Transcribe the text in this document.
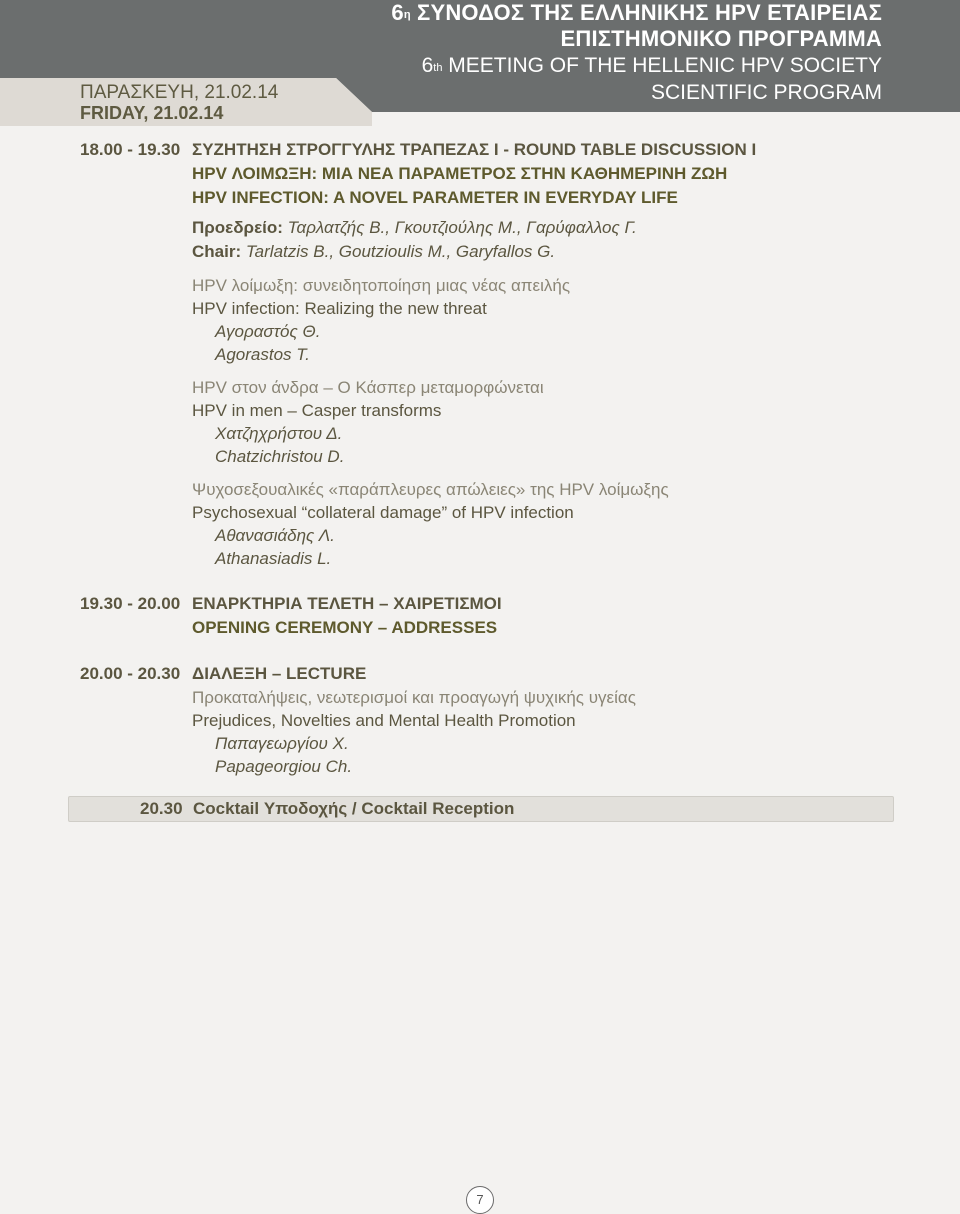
ΠΑΡΑΣΚΕΥΗ, 21.02.14
FRIDAY, 21.02.14
$6^\eta$ ΣΥΝΟΔΟΣ ΤΗΣ ΕΛΛΗΝΙΚΗΣ HPV ΕΤΑΙΡΕΙΑΣ
ΕΠΙΣΤΗΜΟΝΙΚΟ ΠΡΟΓΡΑΜΜΑ
6th MEETING OF THE HELLENIC HPV SOCIETY
SCIENTIFIC PROGRAM
18.00 - 19.30 ΣΥΖΗΤΗΣΗ ΣΤΡΟΓΓΥΛΗΣ ΤΡΑΠΕΖΑΣ Ι - ROUND TABLE DISCUSSION I
HPV ΛΟΙΜΩΞΗ: ΜΙΑ ΝΕΑ ΠΑΡΑΜΕΤΡΟΣ ΣΤΗΝ ΚΑΘΗΜΕΡΙΝΗ ΖΩΗ
HPV INFECTION: A NOVEL PARAMETER IN EVERYDAY LIFE
Προεδρείο: Ταρλατζής Β., Γκουτζιούλης Μ., Γαρύφαλλος Γ.
Chair: Tarlatzis B., Goutzioulis M., Garyfallos G.
HPV λοίμωξη: συνειδητοποίηση μιας νέας απειλής
HPV infection: Realizing the new threat
Αγοραστός Θ.
Agorastos T.
HPV στον άνδρα – Ο Κάσπερ μεταμορφώνεται
HPV in men – Casper transforms
Χατζηχρήστου Δ.
Chatzichristou D.
Ψυχοσεξουαλικές «παράπλευρες απώλειες» της HPV λοίμωξης
Psychosexual “collateral damage” of HPV infection
Αθανασιάδης Λ.
Athanasiadis L.
19.30 - 20.00 ΕΝΑΡΚΤΗΡΙΑ ΤΕΛΕΤΗ – ΧΑΙΡΕΤΙΣΜΟΙ
OPENING CEREMONY – ADDRESSES
20.00 - 20.30 ΔΙΑΛΕΞΗ – LECTURE
Προκαταλήψεις, νεωτερισμοί και προαγωγή ψυχικής υγείας
Prejudices, Novelties and Mental Health Promotion
Παπαγεωργίου Χ.
Papageorgiou Ch.
20.30 Cocktail Υποδοχής / Cocktail Reception
7
